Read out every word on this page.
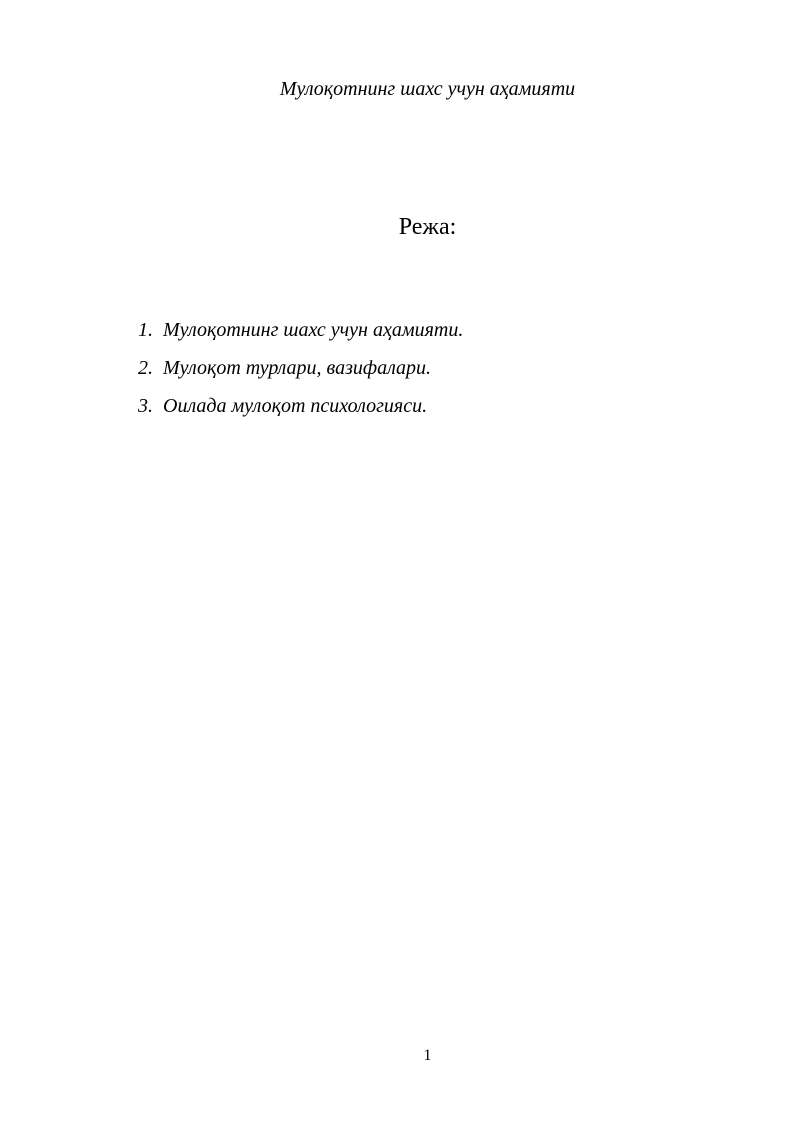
Мулоқотнинг шахс учун аҳамияти
Режа:
1. Мулоқотнинг шахс учун аҳамияти.
2. Мулоқот турлари, вазифалари.
3. Оилада мулоқот психологияси.
1
